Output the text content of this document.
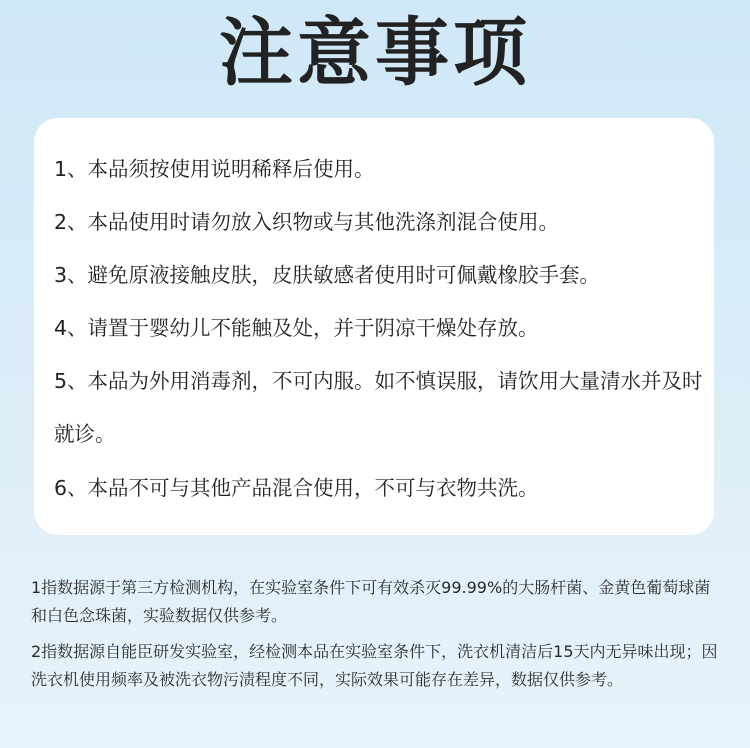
注意事项
1、本品须按使用说明稀释后使用。
2、本品使用时请勿放入织物或与其他洗涤剂混合使用。
3、避免原液接触皮肤，皮肤敏感者使用时可佩戴橡胶手套。
4、请置于婴幼儿不能触及处，并于阴凉干燥处存放。
5、本品为外用消毒剂，不可内服。如不慎误服，请饮用大量清水并及时就诊。
6、本品不可与其他产品混合使用，不可与衣物共洗。

1指数据源于第三方检测机构，在实验室条件下可有效杀灭99.99%的大肠杆菌、金黄色葡萄球菌和白色念珠菌，实验数据仅供参考。

2指数据源自能臣研发实验室，经检测本品在实验室条件下，洗衣机清洁后15天内无异味出现；因洗衣机使用频率及被洗衣物污渍程度不同，实际效果可能存在差异，数据仅供参考。
